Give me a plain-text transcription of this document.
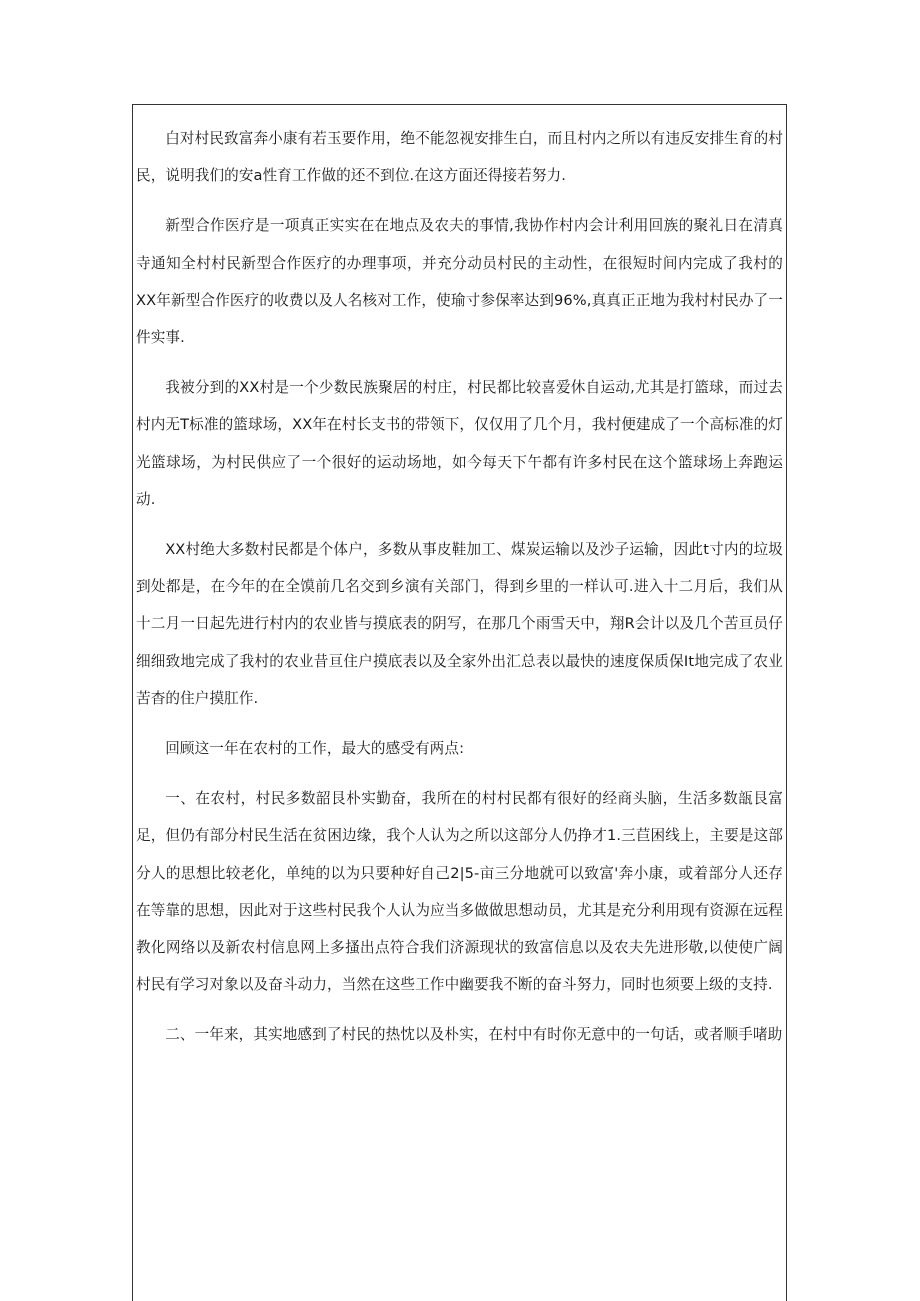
白对村民致富奔小康有若玉要作用，绝不能忽视安排生白，而且村内之所以有违反安排生育的村民，说明我们的安a性育工作做的还不到位.在这方面还得接若努力.

新型合作医疗是一项真正实实在在地点及农夫的事情,我协作村内会计利用回族的聚礼日在清真寺通知全村村民新型合作医疗的办理事项，并充分动员村民的主动性，在很短时间内完成了我村的XX年新型合作医疗的收费以及人名核对工作，使瑜寸参保率达到96%,真真正正地为我村村民办了一件实事.

我被分到的XX村是一个少数民族聚居的村庄，村民都比较喜爱休自运动,尤其是打篮球，而过去村内无T标准的篮球场，XX年在村长支书的带领下，仅仅用了几个月，我村便建成了一个高标准的灯光篮球场，为村民供应了一个很好的运动场地，如今每天下午都有许多村民在这个篮球场上奔跑运动.

XX村绝大多数村民都是个体户，多数从事皮鞋加工、煤炭运输以及沙子运输，因此t寸内的垃圾到处都是，在今年的在全馍前几名交到乡演有关部门，得到乡里的一样认可.进入十二月后，我们从十二月一日起先进行村内的农业皆与摸底表的阴写，在那几个雨雪天中，翔R会计以及几个苦亘员仔细细致地完成了我村的农业昔亘住户摸底表以及全家外出汇总表以最快的速度保质保It地完成了农业苦杳的住户摸肛作.

回顾这一年在农村的工作，最大的感受有两点:

一、在农村，村民多数韶艮朴实勤奋，我所在的村村民都有很好的经商头脑，生活多数瓿艮富足，但仍有部分村民生活在贫困边缘，我个人认为之所以这部分人仍挣才1.三苣困线上，主要是这部分人的思想比较老化，单纯的以为只要种好自己2|5-亩三分地就可以致富'奔小康，或着部分人还存在等靠的思想，因此对于这些村民我个人认为应当多做做思想动员，尤其是充分利用现有资源在远程教化网络以及新农村信息网上多搔出点符合我们济源现状的致富信息以及农夫先进形敬,以使使广阔村民有学习对象以及奋斗动力，当然在这些工作中幽要我不断的奋斗努力，同时也须要上级的支持.

二、一年来，其实地感到了村民的热忱以及朴实，在村中有时你无意中的一句话，或者顺手啫助
